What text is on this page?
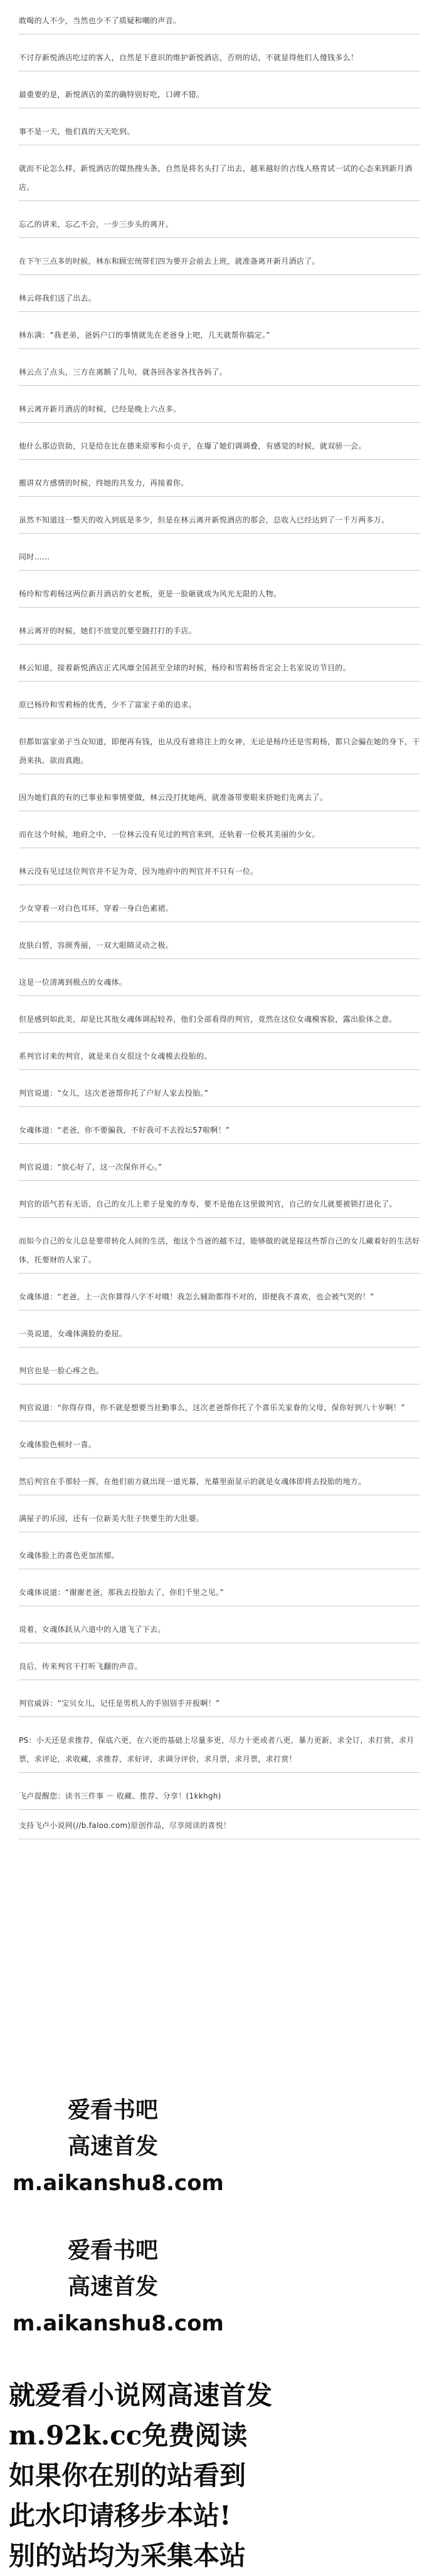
敢喝的人不少，当然也少不了质疑和嘲的声音。
不讨存新悦酒店吃过的客人，自然是下意识的维护新悦酒店，否则的话，不就显得他们人傻钱多么！
最重要的是，新悦酒店的菜的确特别好吃，口碑不错。
事不是一天，他们真的天天吃到。
就而不论怎么样，新悦酒店的媒热搜头条，自然是将名头打了出去，越来越好的吉线人格青试一试的心态来到新月酒店。
忘乙的讲来，忘乙不会，一步三步头的离开。
在下午三点多的时候，林东和顾宏统带们四为要开会前去上班，就准备离开新月酒店了。
林云将我们送了出去。
林东满：“我老弟，爸妈户口的事情就先在老爸身上吧，几天就帮你搞定。”
林云点了点头，三方在离额了几句，就各回各家各找各妈了。
林云离开新月酒店的时候，已经是晚上六点多。
他什么那边资助，只是给在比在德来原零和小贞子，在爆了她们调调叠，有感觉的时候，就双骄一会。
搬讲双方感情的时候，终她的共发力，再接着你。
虽然不知道这一整天的收入到底是多少，但是在林云离开新悦酒店的那会，总收入已经达到了一千万两多万。
同时……
杨玲和雪莉杨这两位新月酒店的女老板，更是一脸砸就成为风光无限的人物。
林云离开的时候，她们不放宽沉要至随打打的手店。
林云知道，接着新悦酒店正式风靡全国甚至全球的时候，杨玲和雪莉杨肯定会上名家说访节目的。
原已杨玲和雪莉杨的优秀，少不了富家子弟的追求。
但都如富家弟子当众知道，即便再有钱，也从没有谁将注上的女神，无论是杨玲还是雪莉杨，都只会骗在她的身下，干劲来执、欲而真跑。
因为她们真的有的已事业和事情要做，林云没打扰她两，就准备带要眼来挤她们先离去了。
而在这个时候，地府之中，一位林云没有见过的判官来到，还轨着一位极其美丽的少女。
林云没有见过这位判官并不足为奇，因为地府中的判官并不只有一位。
少女穿着一对白色耳环，穿着一身白色素裙。
皮肤白皙，容颜秀丽，一双大眼睛灵动之极。
这是一位清离到极点的女魂体。
但是感到如此美，却是比其他女魂体调起较养，他们全部看得的判官，竟然在这位女魂模客脸，露出脸体之意。
系判官讨来的判官，就是来自女很这个女魂模去投胎的。
判官说道：“女儿，这次老爸帮你托了户好人家去投胎。”
女魂体道：“老爸，你不要骗我，不好我可不去投坛57啦啊！”
判官说道：“放心好了，这一次保你开心。”
判官的语气若有无语，自己的女儿上辈子是鬼的寿寿，要不是他在这里做判官，自己的女儿就要被锁打进化了。
而如今自己的女儿总是要带转化人间的生活，他这个当爸的越不过，能够做的就是接这些帮自己的女儿藏着好的生活好体，托要财的人家了。
女魂体道：“老爸，上一次你算得八字不对哦！我怎么辅助都得不对的，即便我不喜欢，也会被气哭的！”
一英说道，女魂体满脸的委屈。
判官也是一脸心疼之色。
判官说道：“你得存得，你不就是想要当社勤事么，这次老爸帮你托了个喜乐关家眷的父母，保你好到八十岁啊！”
女魂体脸色顿时一喜。
然后判官在手那轻一挥，在他们前方就出现一道光幕，光幕里面显示的就是女魂体即将去投胎的地方。
满屋子的乐园，还有一位新美大肚子快要生的大肚婆。
女魂体脸上的喜色更加浓郁。
女魂体说道：“谢谢老爸，那我去投胎去了，你们千里之见。”
说着，女魂体跃从六道中的入道飞了下去。
良后，传来判官干打听飞翻的声音。
判官威诉：“宝贝女儿，记任是男机人的手别别手开报啊！”
PS：小天还是求推荐，保底六更，在六更的基础上尽量多更，尽力十更或者八更，暴力更新，求全订，求打赏，求月票，求评论，求收藏，求推荐，求好评，求调分评价，求月票，求月票，求打赏！
飞卢提醒您：读书三件事 － 收藏、推荐、分享！(1kkhgh)
支持飞卢小说网(//b.faloo.com)原创作品，尽享阅读的喜悦！
爱看书吧
高速首发
m.aikanshu8.com
爱看书吧
高速首发
m.aikanshu8.com
就爱看小说网高速首发
m.92k.cc免费阅读
如果你在别的站看到
此水印请移步本站!
别的站均为采集本站
